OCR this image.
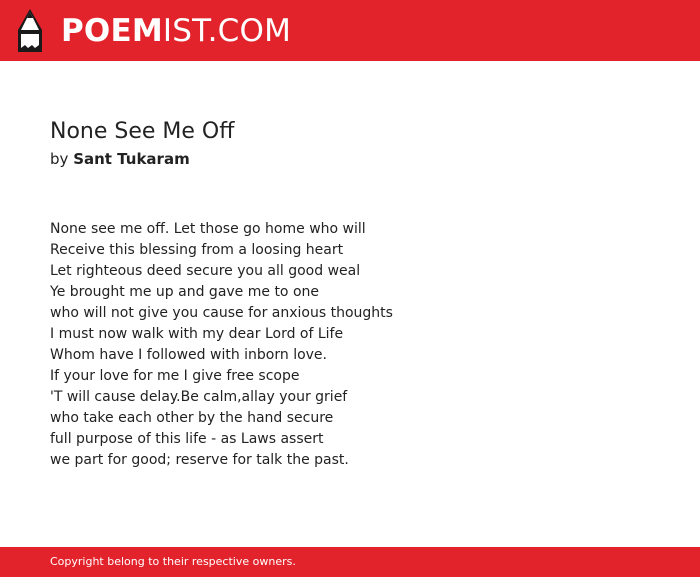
POEMIST.COM
None See Me Off
by Sant Tukaram
None see me off. Let those go home who will
Receive this blessing from a loosing heart
Let righteous deed secure you all good weal
Ye brought me up and gave me to one
who will not give you cause for anxious thoughts
I must now walk with my dear Lord of Life
Whom have I followed with inborn love.
If your love for me I give free scope
'T will cause delay.Be calm,allay your grief
who take each other by the hand secure
full purpose of this life - as Laws assert
we part for good; reserve for talk the past.
Copyright belong to their respective owners.
